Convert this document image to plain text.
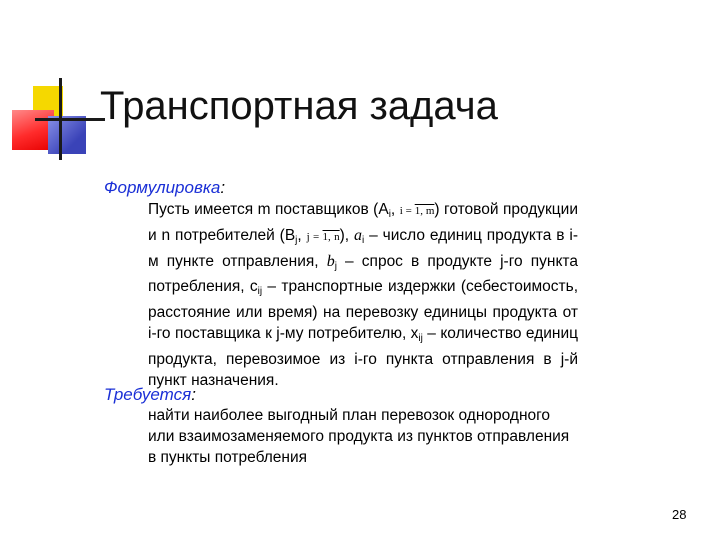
Транспортная задача
Формулировка:
Пусть имеется m поставщиков ($A_i$, i = 1, m) готовой продукции и n потребителей ($B_j$, j = 1, n), $a_i$ – число единиц продукта в i-м пункте отправления, $b_j$ – спрос в продукте j-го пункта потребления, $c_{ij}$ – транспортные издержки (себестоимость, расстояние или время) на перевозку единицы продукта от i-го поставщика к j-му потребителю, $x_{ij}$ – количество единиц продукта, перевозимое из i-го пункта отправления в j-й пункт назначения.
Требуется:
найти наиболее выгодный план перевозок однородного или взаимозаменяемого продукта из пунктов отправления в пункты потребления
28
